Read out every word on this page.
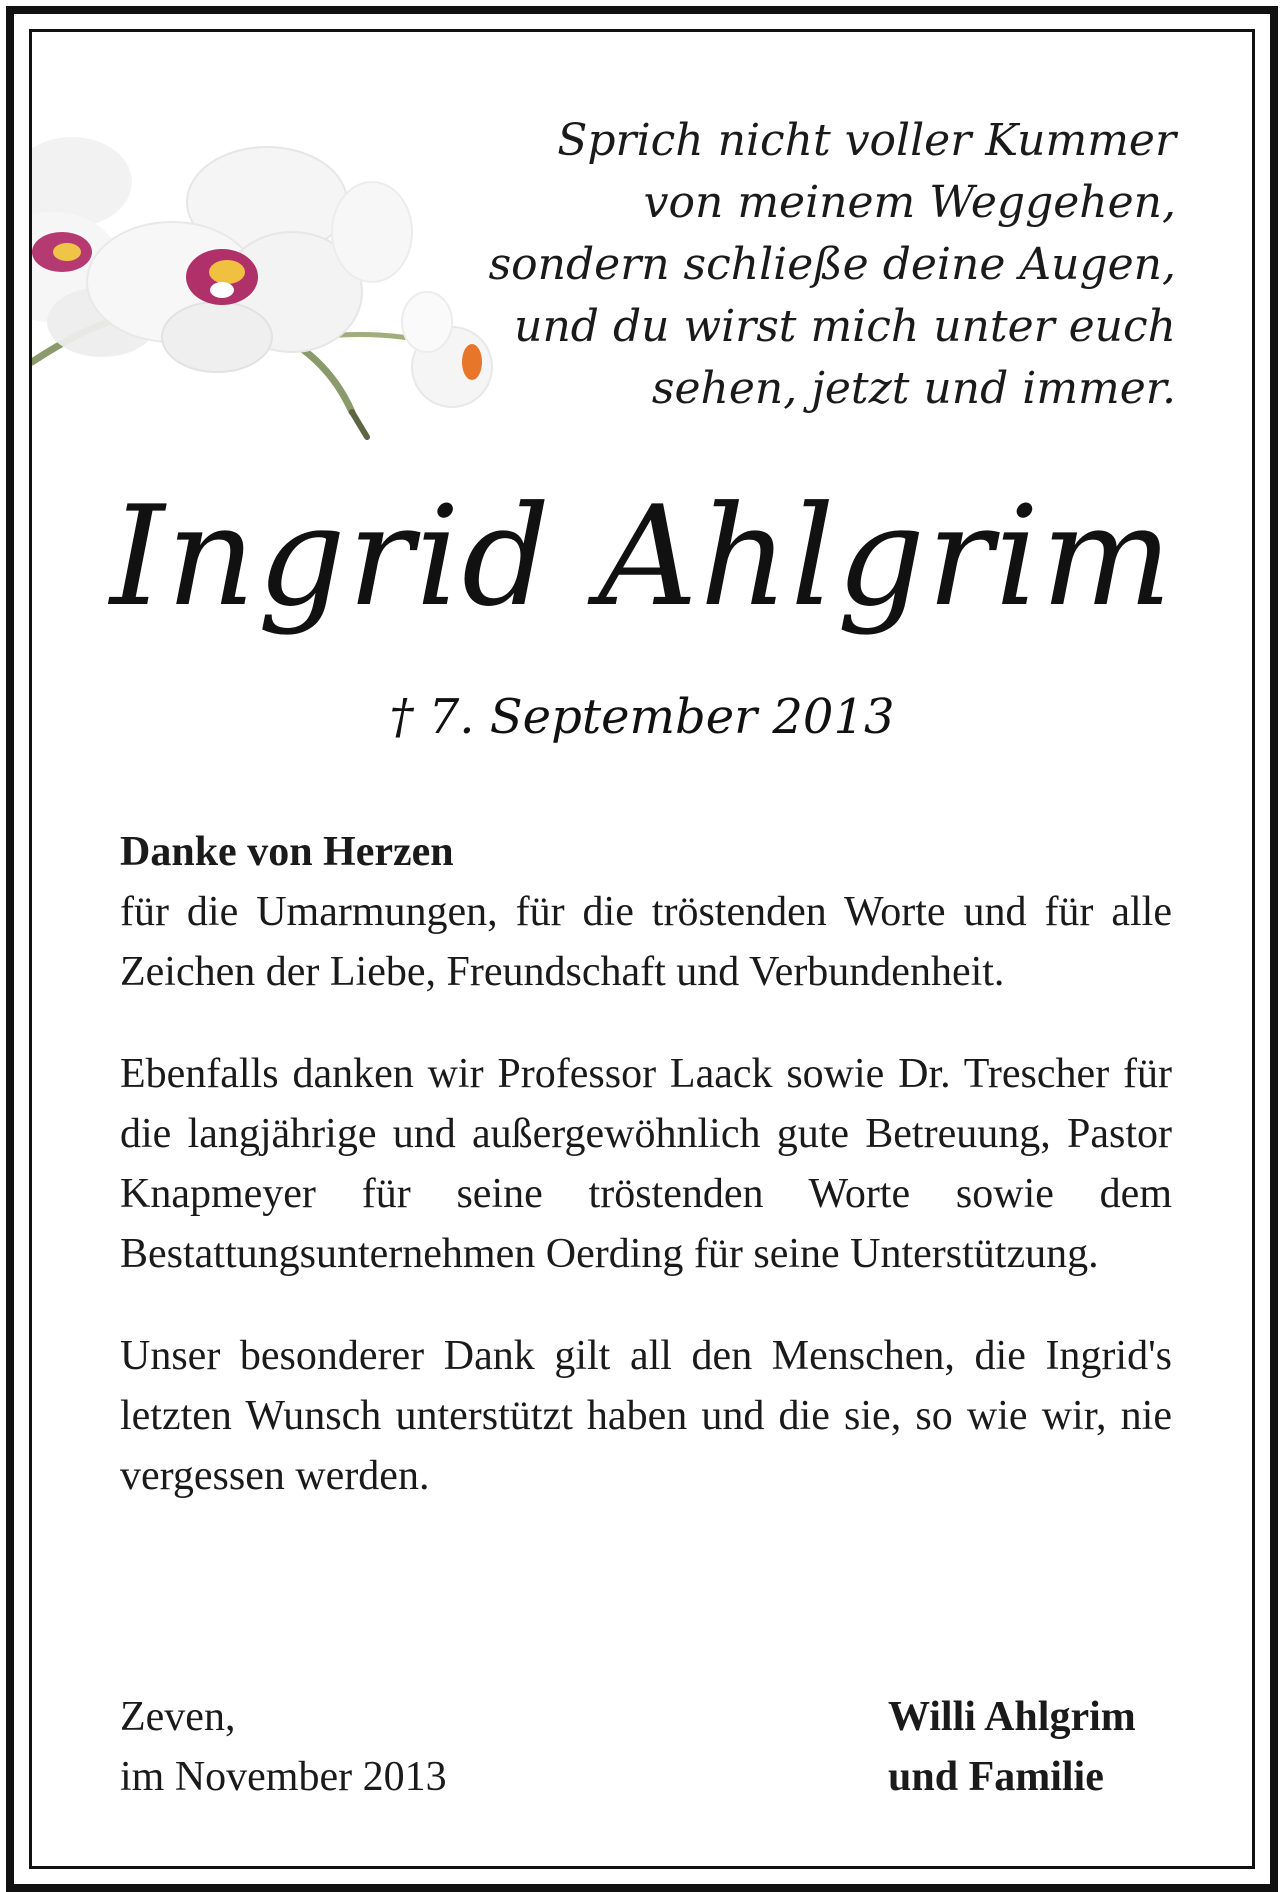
Sprich nicht voller Kummer
von meinem Weggehen,
sondern schließe deine Augen,
und du wirst mich unter euch
sehen, jetzt und immer.
Ingrid Ahlgrim
† 7. September 2013

Danke von Herzen
für die Umarmungen, für die tröstenden Worte und für alle Zeichen der Liebe, Freundschaft und Verbundenheit.

Ebenfalls danken wir Professor Laack sowie Dr. Trescher für die langjährige und außergewöhnlich gute Betreuung, Pastor Knapmeyer für seine tröstenden Worte sowie dem Bestattungsunternehmen Oerding für seine Unterstützung.

Unser besonderer Dank gilt all den Menschen, die Ingrid's letzten Wunsch unterstützt haben und die sie, so wie wir, nie vergessen werden.

Zeven,
im November 2013
Willi Ahlgrim
und Familie
